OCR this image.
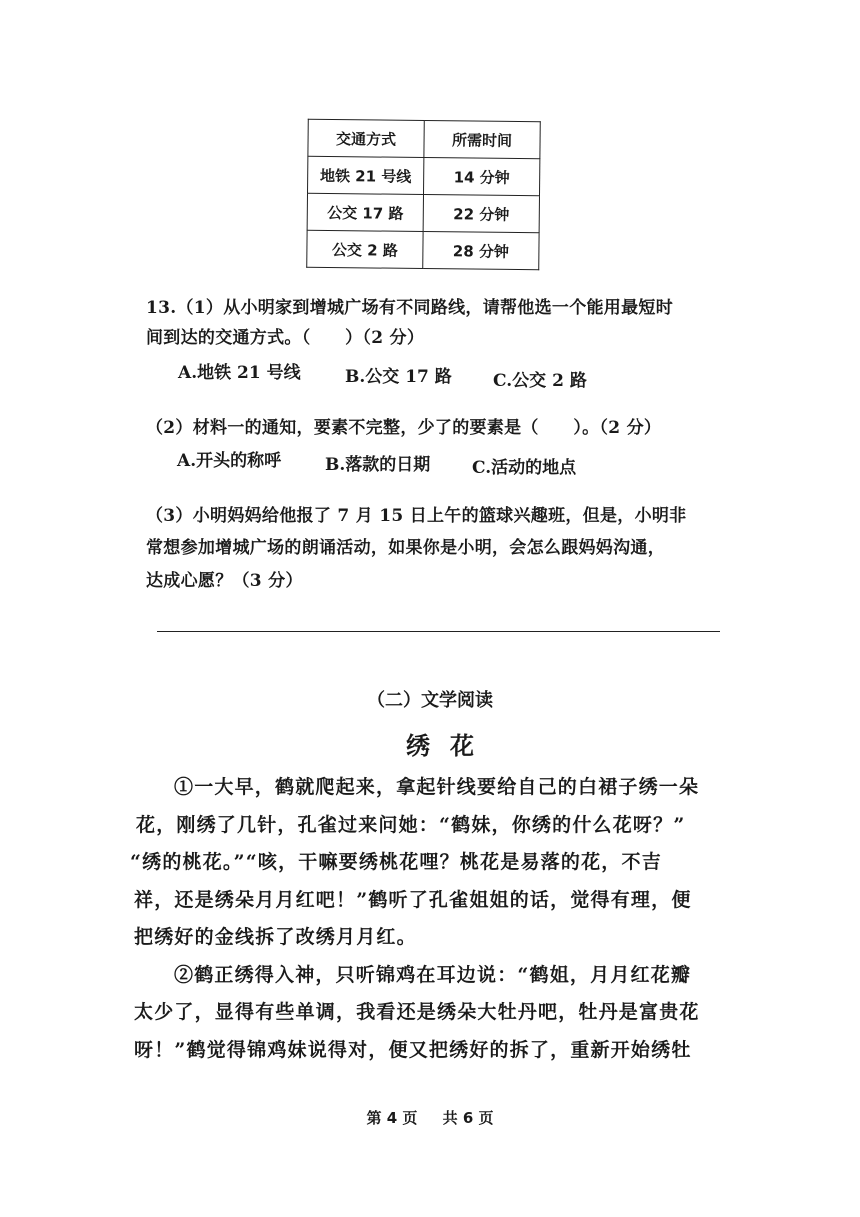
交通方式	所需时间
地铁 21 号线	14 分钟
公交 17 路	22 分钟
公交 2 路	28 分钟
13.（1）从小明家到增城广场有不同路线，请帮他选一个能用最短时
间到达的交通方式。（　　）（2 分）
A.地铁 21 号线	B.公交 17 路 C.公交 2 路
（2）材料一的通知，要素不完整，少了的要素是（　　）。（2 分）
A.开头的称呼	B.落款的日期 C.活动的地点
（3）小明妈妈给他报了 7 月 15 日上午的篮球兴趣班，但是，小明非
常想参加增城广场的朗诵活动，如果你是小明，会怎么跟妈妈沟通，
达成心愿？（3 分）
（二）文学阅读
绣花
①一大早，鹤就爬起来，拿起针线要给自己的白裙子绣一朵
花，刚绣了几针，孔雀过来问她：“鹤妹，你绣的什么花呀？”
“绣的桃花。”“咳，干嘛要绣桃花哩？桃花是易落的花，不吉
祥，还是绣朵月月红吧！”鹤听了孔雀姐姐的话，觉得有理，便
把绣好的金线拆了改绣月月红。
②鹤正绣得入神，只听锦鸡在耳边说：“鹤姐，月月红花瓣
太少了，显得有些单调，我看还是绣朵大牡丹吧，牡丹是富贵花
呀！”鹤觉得锦鸡妹说得对，便又把绣好的拆了，重新开始绣牡
第 4 页 共 6 页
